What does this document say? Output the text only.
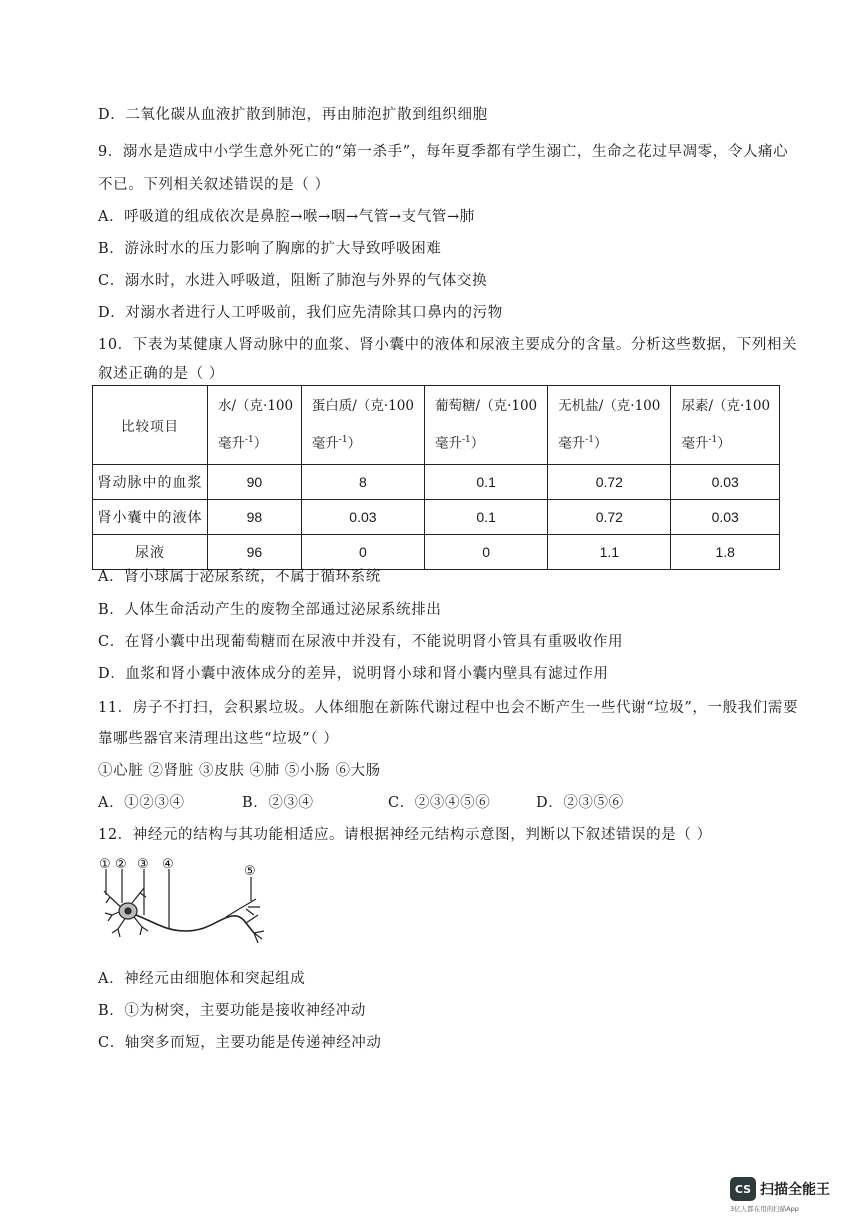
D．二氧化碳从血液扩散到肺泡，再由肺泡扩散到组织细胞
9．溺水是造成中小学生意外死亡的“第一杀手”，每年夏季都有学生溺亡，生命之花过早凋零，令人痛心
不已。下列相关叙述错误的是（ ）
A．呼吸道的组成依次是鼻腔→喉→咽→气管→支气管→肺
B．游泳时水的压力影响了胸廓的扩大导致呼吸困难
C．溺水时，水进入呼吸道，阻断了肺泡与外界的气体交换
D．对溺水者进行人工呼吸前，我们应先清除其口鼻内的污物
10．下表为某健康人肾动脉中的血浆、肾小囊中的液体和尿液主要成分的含量。分析这些数据，下列相关
叙述正确的是（ ）
比较项目	水/（克·100
毫升$^{-1}$）	蛋白质/（克·100
毫升$^{-1}$）	葡萄糖/（克·100
毫升$^{-1}$）	无机盐/（克·100
毫升$^{-1}$）	尿素/（克·100
毫升$^{-1}$）
肾动脉中的血浆	90	8	0.1	0.72	0.03
肾小囊中的液体	98	0.03	0.1	0.72	0.03
尿液	96	0	0	1.1	1.8
A．肾小球属于泌尿系统，不属于循环系统
B．人体生命活动产生的废物全部通过泌尿系统排出
C．在肾小囊中出现葡萄糖而在尿液中并没有，不能说明肾小管具有重吸收作用
D．血浆和肾小囊中液体成分的差异，说明肾小球和肾小囊内壁具有滤过作用
11．房子不打扫，会积累垃圾。人体细胞在新陈代谢过程中也会不断产生一些代谢“垃圾”，一般我们需要
靠哪些器官来清理出这些“垃圾”（ ）
①心脏 ②肾脏 ③皮肤 ④肺 ⑤小肠 ⑥大肠
A．①②③④	B．②③④	C．②③④⑤⑥	D．②③⑤⑥
12．神经元的结构与其功能相适应。请根据神经元结构示意图，判断以下叙述错误的是（ ）
① ② ③ ④	⑤
A．神经元由细胞体和突起组成
B．①为树突，主要功能是接收神经冲动
C．轴突多而短，主要功能是传递神经冲动
CS 扫描全能王
3亿人都在用的扫描App
